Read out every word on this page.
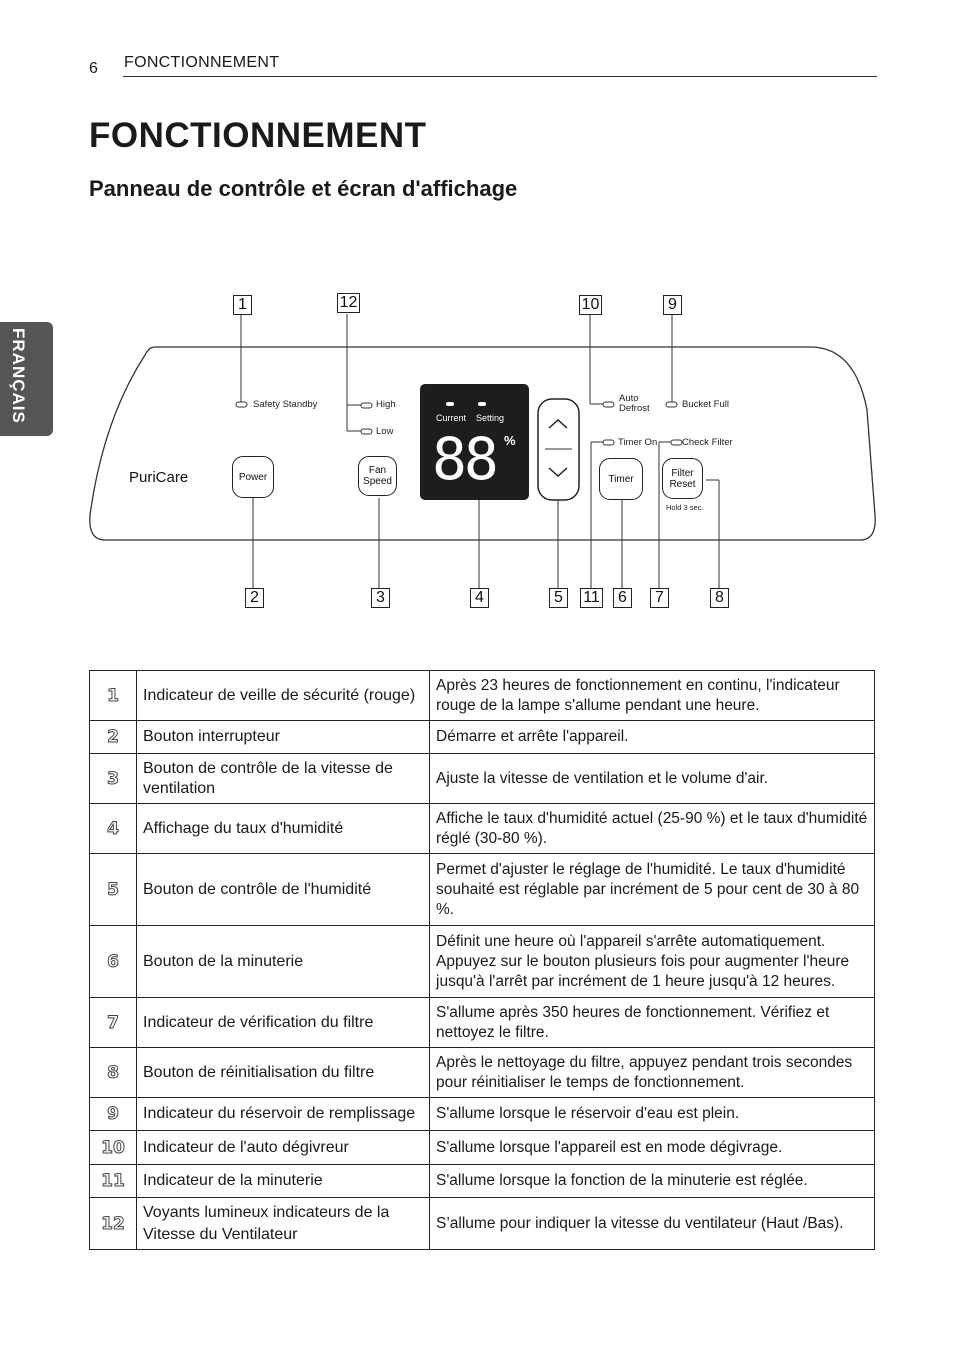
6 FONCTIONNEMENT
FRANÇAIS
FONCTIONNEMENT
Panneau de contrôle et écran d'affichage
Safety Standby	High
Low
Auto Defrost	Bucket Full
Timer On	Check Filter
PuriCare	Power
Fan Speed	Timer
Filter Reset
Hold 3 sec.
Current Setting
88 %
1
2	3	4	5	6	7	8
9
10
11
12
1	Indicateur de veille de sécurité (rouge)	Après 23 heures de fonctionnement en continu, l'indicateur rouge de la lampe s'allume pendant une heure.
2	Bouton interrupteur	Démarre et arrête l'appareil.
3	Bouton de contrôle de la vitesse de ventilation	Ajuste la vitesse de ventilation et le volume d'air.
4	Affichage du taux d'humidité	Affiche le taux d'humidité actuel (25-90 %) et le taux d'humidité réglé (30-80 %).
5	Bouton de contrôle de l'humidité	Permet d'ajuster le réglage de l'humidité. Le taux d'humidité souhaité est réglable par incrément de 5 pour cent de 30 à 80 %.
6	Bouton de la minuterie	Définit une heure où l'appareil s'arrête automatiquement. Appuyez sur le bouton plusieurs fois pour augmenter l'heure jusqu'à l'arrêt par incrément de 1 heure jusqu'à 12 heures.
7	Indicateur de vérification du filtre	S'allume après 350 heures de fonctionnement. Vérifiez et nettoyez le filtre.
8	Bouton de réinitialisation du filtre	Après le nettoyage du filtre, appuyez pendant trois secondes pour réinitialiser le temps de fonctionnement.
9	Indicateur du réservoir de remplissage	S'allume lorsque le réservoir d'eau est plein.
10	Indicateur de l'auto dégivreur	S'allume lorsque l'appareil est en mode dégivrage.
11	Indicateur de la minuterie	S'allume lorsque la fonction de la minuterie est réglée.
12	Voyants lumineux indicateurs de la Vitesse du Ventilateur	S’allume pour indiquer la vitesse du ventilateur (Haut /Bas).
